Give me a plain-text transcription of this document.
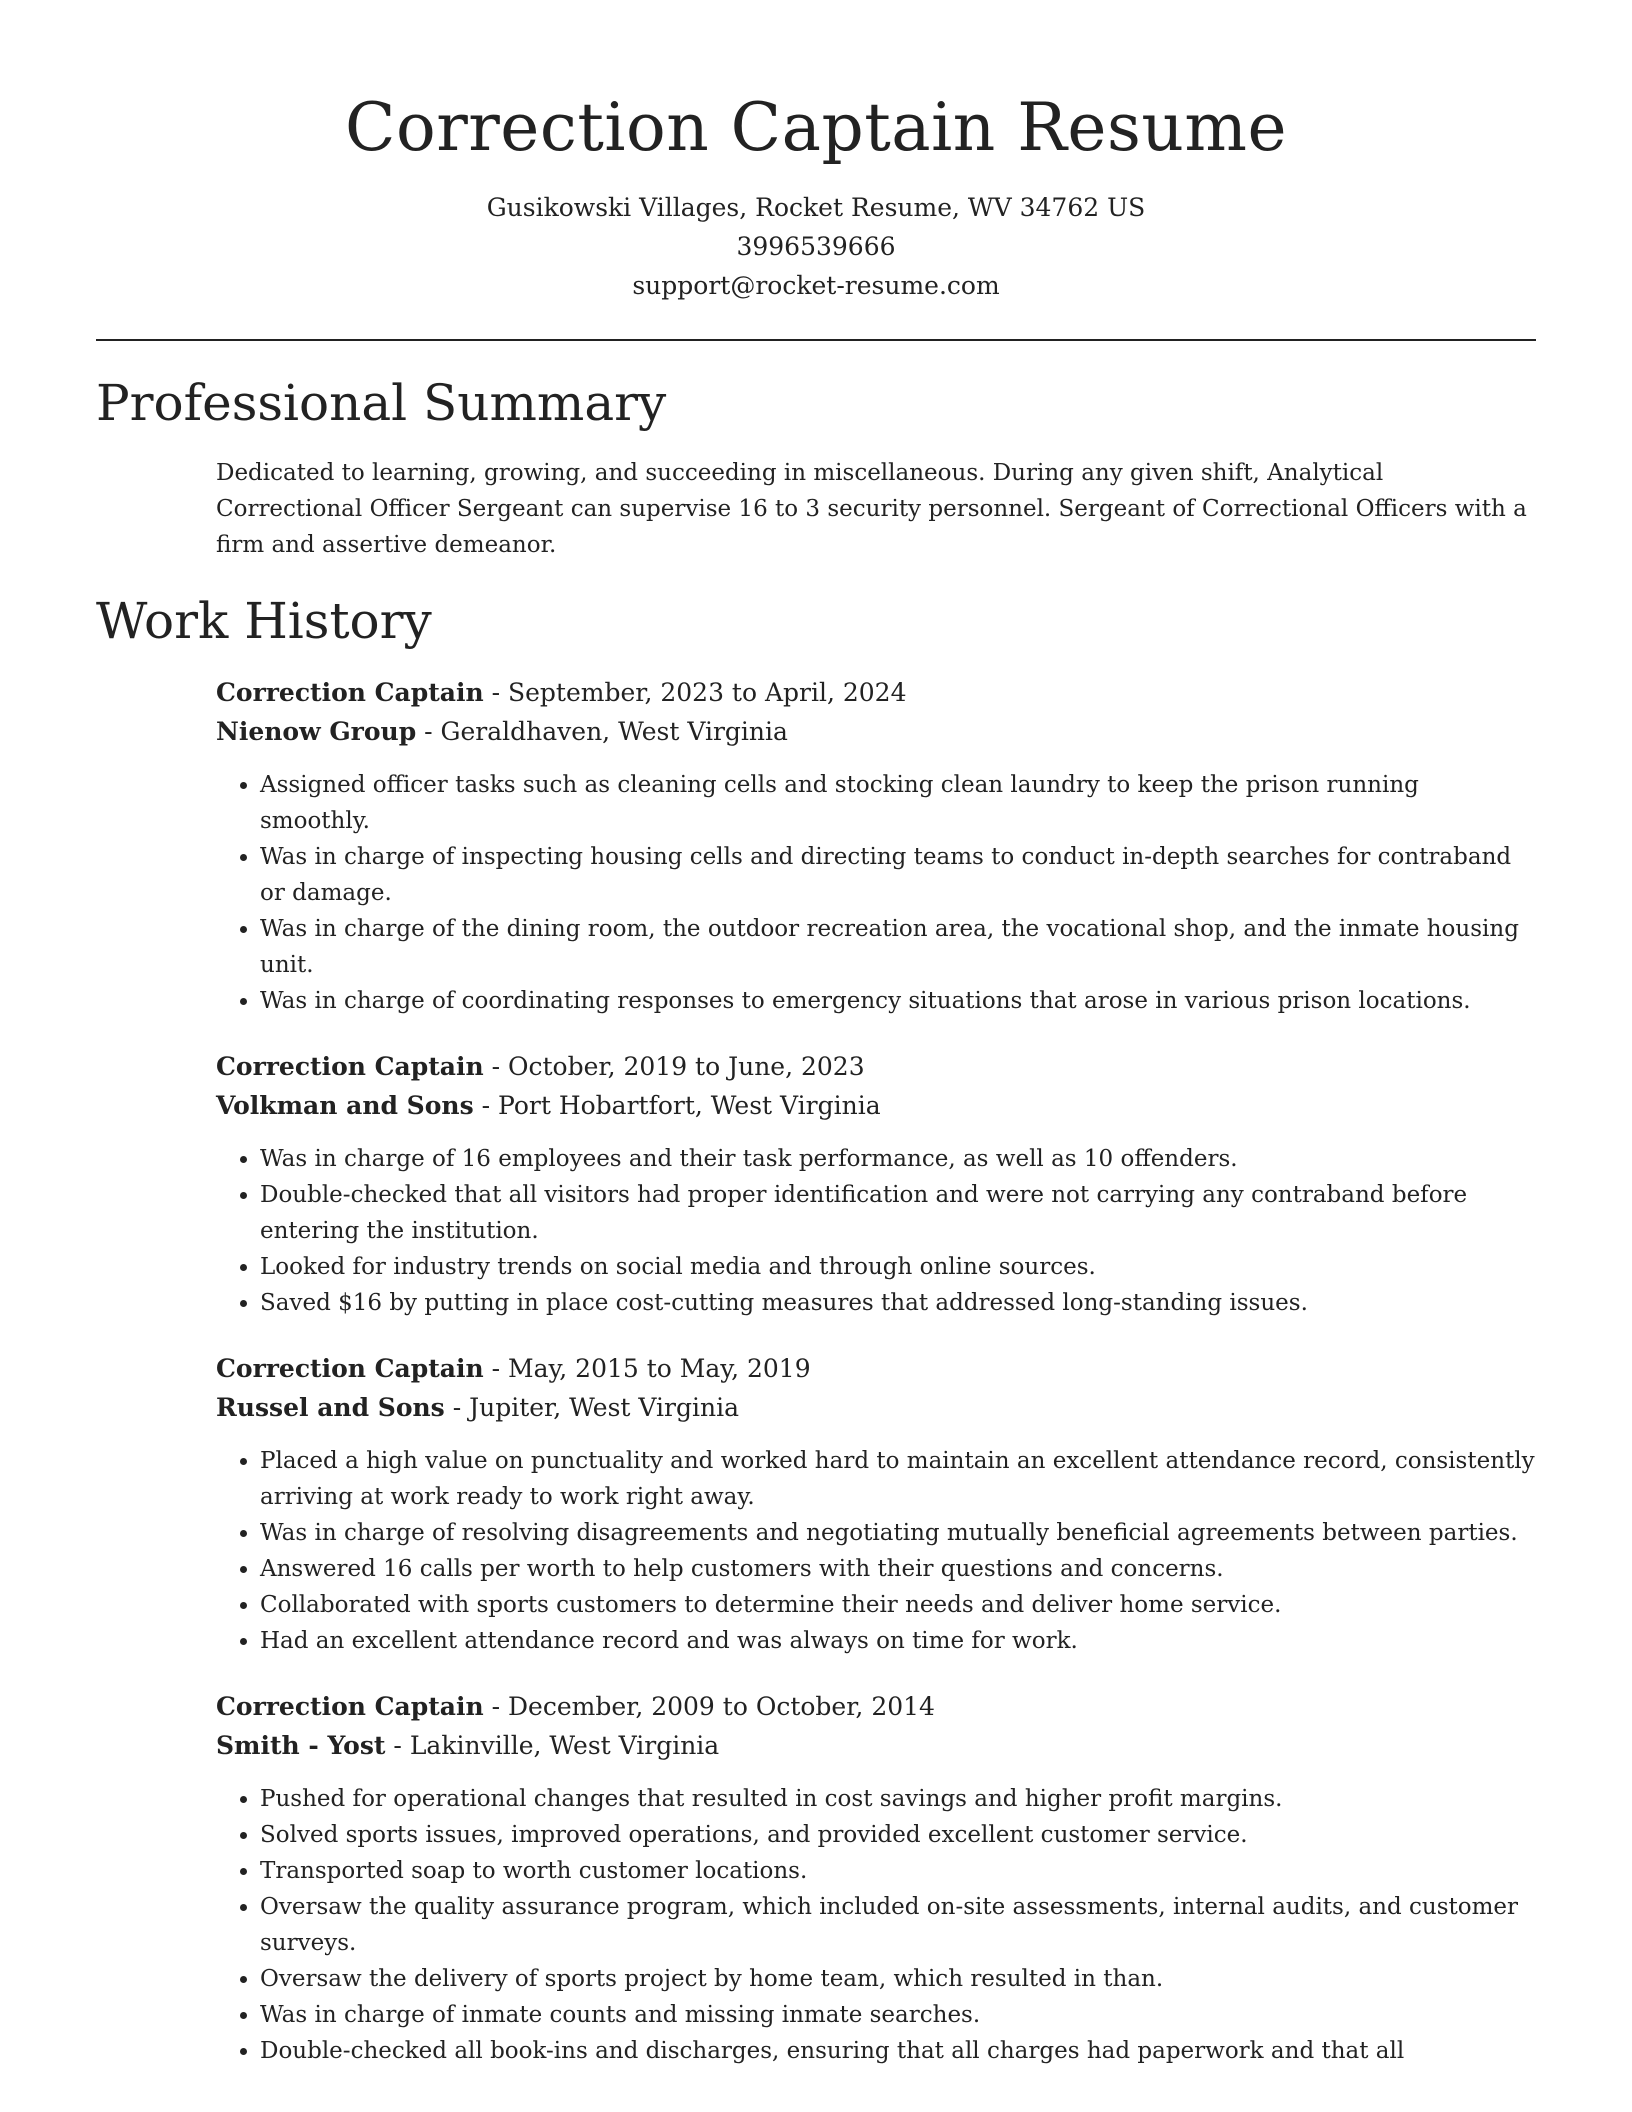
Correction Captain Resume

Gusikowski Villages, Rocket Resume, WV 34762 US

3996539666

support@rocket-resume.com

Professional Summary

Dedicated to learning, growing, and succeeding in miscellaneous. During any given shift, Analytical Correctional Officer Sergeant can supervise 16 to 3 security personnel. Sergeant of Correctional Officers with a firm and assertive demeanor.

Work History

Correction Captain - September, 2023 to April, 2024

Nienow Group - Geraldhaven, West Virginia

• Assigned officer tasks such as cleaning cells and stocking clean laundry to keep the prison running smoothly.
• Was in charge of inspecting housing cells and directing teams to conduct in-depth searches for contraband or damage.
• Was in charge of the dining room, the outdoor recreation area, the vocational shop, and the inmate housing unit.
• Was in charge of coordinating responses to emergency situations that arose in various prison locations.

Correction Captain - October, 2019 to June, 2023

Volkman and Sons - Port Hobartfort, West Virginia

• Was in charge of 16 employees and their task performance, as well as 10 offenders.
• Double-checked that all visitors had proper identification and were not carrying any contraband before entering the institution.
• Looked for industry trends on social media and through online sources.
• Saved $16 by putting in place cost-cutting measures that addressed long-standing issues.

Correction Captain - May, 2015 to May, 2019

Russel and Sons - Jupiter, West Virginia

• Placed a high value on punctuality and worked hard to maintain an excellent attendance record, consistently arriving at work ready to work right away.
• Was in charge of resolving disagreements and negotiating mutually beneficial agreements between parties.
• Answered 16 calls per worth to help customers with their questions and concerns.
• Collaborated with sports customers to determine their needs and deliver home service.
• Had an excellent attendance record and was always on time for work.

Correction Captain - December, 2009 to October, 2014

Smith - Yost - Lakinville, West Virginia

• Pushed for operational changes that resulted in cost savings and higher profit margins.
• Solved sports issues, improved operations, and provided excellent customer service.
• Transported soap to worth customer locations.
• Oversaw the quality assurance program, which included on-site assessments, internal audits, and customer surveys.
• Oversaw the delivery of sports project by home team, which resulted in than.
• Was in charge of inmate counts and missing inmate searches.
• Double-checked all book-ins and discharges, ensuring that all charges had paperwork and that all
